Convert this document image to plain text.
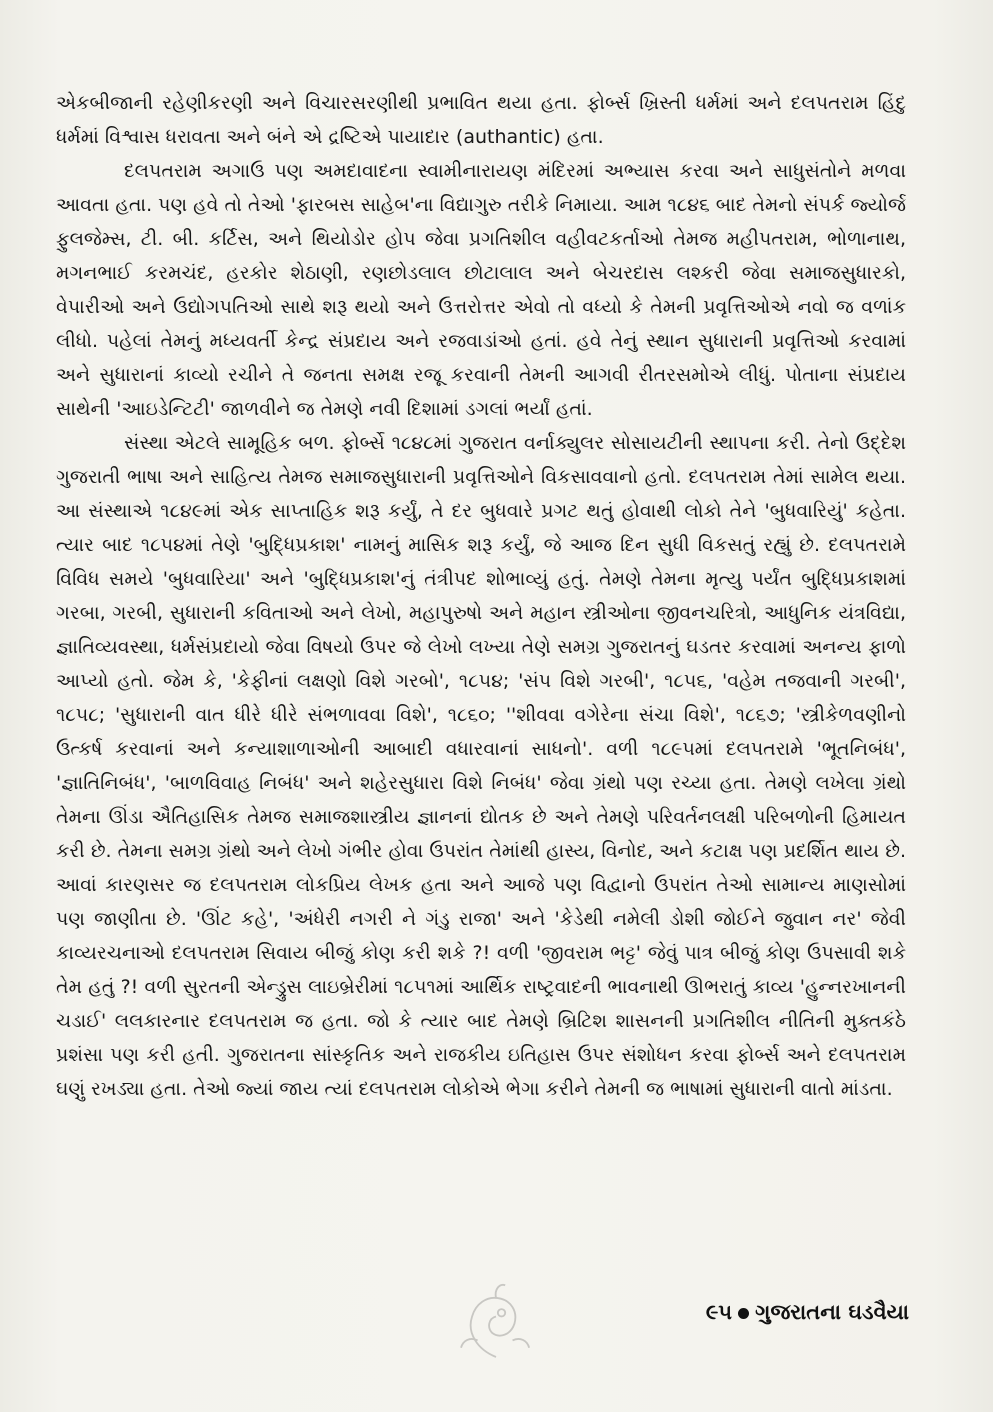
એકબીજાની રહેણીકરણી અને વિચારસરણીથી પ્રભાવિત થયા હતા. ફોર્બ્સ ખ્રિસ્તી ધર્મમાં અને દલપતરામ હિંદુ ધર્મમાં વિશ્વાસ ધરાવતા અને બંને એ દ્રષ્ટિએ પાયાદાર (authantic) હતા.

દલપતરામ અગાઉ પણ અમદાવાદના સ્વામીનારાયણ મંદિરમાં અભ્યાસ કરવા અને સાધુસંતોને મળવા આવતા હતા. પણ હવે તો તેઓ 'ફારબસ સાહેબ'ના વિદ્યાગુરુ તરીકે નિમાયા. આમ ૧૮૪૬ બાદ તેમનો સંપર્ક જ્યોર્જ ફુલજેમ્સ, ટી. બી. કર્ટિસ, અને થિયોડોર હોપ જેવા પ્રગતિશીલ વહીવટકર્તાઓ તેમજ મહીપતરામ, ભોળાનાથ, મગનભાઈ કરમચંદ, હરકોર શેઠાણી, રણછોડલાલ છોટાલાલ અને બેચરદાસ લશ્કરી જેવા સમાજસુધારકો, વેપારીઓ અને ઉદ્યોગપતિઓ સાથે શરૂ થયો અને ઉત્તરોત્તર એવો તો વધ્યો કે તેમની પ્રવૃત્તિઓએ નવો જ વળાંક લીધો. પહેલાં તેમનું મધ્યવર્તી કેન્દ્ર સંપ્રદાય અને રજવાડાંઓ હતાં. હવે તેનું સ્થાન સુધારાની પ્રવૃત્તિઓ કરવામાં અને સુધારાનાં કાવ્યો રચીને તે જનતા સમક્ષ રજૂ કરવાની તેમની આગવી રીતરસમોએ લીધું. પોતાના સંપ્રદાય સાથેની 'આઇડેન્ટિટી' જાળવીને જ તેમણે નવી દિશામાં ડગલાં ભર્યાં હતાં.

સંસ્થા એટલે સામૂહિક બળ. ફોર્બ્સે ૧૮૪૮માં ગુજરાત વર્નાક્યુલર સોસાયટીની સ્થાપના કરી. તેનો ઉદ્દેશ ગુજરાતી ભાષા અને સાહિત્ય તેમજ સમાજસુધારાની પ્રવૃત્તિઓને વિકસાવવાનો હતો. દલપતરામ તેમાં સામેલ થયા. આ સંસ્થાએ ૧૮૪૯માં એક સાપ્તાહિક શરૂ કર્યું, તે દર બુધવારે પ્રગટ થતું હોવાથી લોકો તેને 'બુધવારિયું' કહેતા. ત્યાર બાદ ૧૮૫૪માં તેણે 'બુદ્ધિપ્રકાશ' નામનું માસિક શરૂ કર્યું, જે આજ દિન સુધી વિકસતું રહ્યું છે. દલપતરામે વિવિધ સમયે 'બુધવારિયા' અને 'બુદ્ધિપ્રકાશ'નું તંત્રીપદ શોભાવ્યું હતું. તેમણે તેમના મૃત્યુ પર્યંત બુદ્ધિપ્રકાશમાં ગરબા, ગરબી, સુધારાની કવિતાઓ અને લેખો, મહાપુરુષો અને મહાન સ્ત્રીઓના જીવનચરિત્રો, આધુનિક યંત્રવિદ્યા, જ્ઞાતિવ્યવસ્થા, ધર્મસંપ્રદાયો જેવા વિષયો ઉપર જે લેખો લખ્યા તેણે સમગ્ર ગુજરાતનું ઘડતર કરવામાં અનન્ય ફાળો આપ્યો હતો. જેમ કે, 'કેફીનાં લક્ષણો વિશે ગરબો', ૧૮૫૪; 'સંપ વિશે ગરબી', ૧૮૫૬, 'વહેમ તજવાની ગરબી', ૧૮૫૮; 'સુધારાની વાત ધીરે ધીરે સંભળાવવા વિશે', ૧૮૬૦; ''શીવવા વગેરેના સંચા વિશે', ૧૮૬૭; 'સ્ત્રીકેળવણીનો ઉત્કર્ષ કરવાનાં અને કન્યાશાળાઓની આબાદી વધારવાનાં સાધનો'. વળી ૧૮૯૫માં દલપતરામે 'ભૂતનિબંધ', 'જ્ઞાતિનિબંધ', 'બાળવિવાહ નિબંધ' અને શહેરસુધારા વિશે નિબંધ' જેવા ગ્રંથો પણ રચ્યા હતા. તેમણે લખેલા ગ્રંથો તેમના ઊંડા ઐતિહાસિક તેમજ સમાજશાસ્ત્રીય જ્ઞાનનાં દ્યોતક છે અને તેમણે પરિવર્તનલક્ષી પરિબળોની હિમાયત કરી છે. તેમના સમગ્ર ગ્રંથો અને લેખો ગંભીર હોવા ઉપરાંત તેમાંથી હાસ્ય, વિનોદ, અને કટાક્ષ પણ પ્રદર્શિત થાય છે. આવાં કારણસર જ દલપતરામ લોકપ્રિય લેખક હતા અને આજે પણ વિદ્વાનો ઉપરાંત તેઓ સામાન્ય માણસોમાં પણ જાણીતા છે. 'ઊંટ કહે', 'અંધેરી નગરી ને ગંડુ રાજા' અને 'કેડેથી નમેલી ડોશી જોઈને જુવાન નર' જેવી કાવ્યરચનાઓ દલપતરામ સિવાય બીજું કોણ કરી શકે ?! વળી 'જીવરામ ભટ્ટ' જેવું પાત્ર બીજું કોણ ઉપસાવી શકે તેમ હતું ?! વળી સુરતની એન્ડ્રુસ લાઇબ્રેરીમાં ૧૮૫૧માં આર્થિક રાષ્ટ્રવાદની ભાવનાથી ઊભરાતું કાવ્ય 'હુન્નરખાનની ચડાઈ' લલકારનાર દલપતરામ જ હતા. જો કે ત્યાર બાદ તેમણે બ્રિટિશ શાસનની પ્રગતિશીલ નીતિની મુક્તકંઠે પ્રશંસા પણ કરી હતી. ગુજરાતના સાંસ્કૃતિક અને રાજકીય ઇતિહાસ ઉપર સંશોધન કરવા ફોર્બ્સ અને દલપતરામ ઘણું રખડ્યા હતા. તેઓ જ્યાં જાય ત્યાં દલપતરામ લોકોએ ભેગા કરીને તેમની જ ભાષામાં સુધારાની વાતો માંડતા.

૯૫ ગુજરાતના ઘડવૈયા
